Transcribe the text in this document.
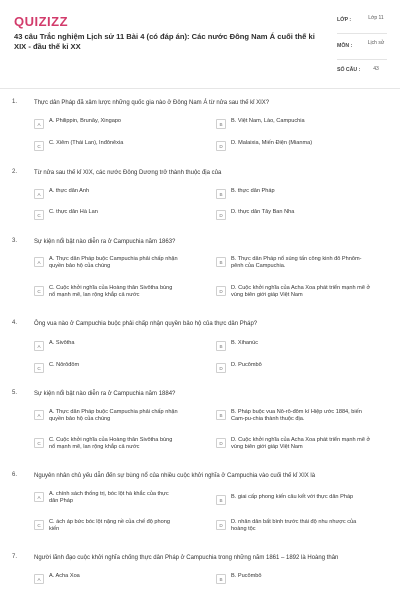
QUIZIZZ
43 câu Trắc nghiệm Lịch sử 11 Bài 4 (có đáp án): Các nước Đông Nam Á cuối thế kỉ XIX - đầu thế kỉ XX
LỚP :	Lớp 11
MÔN :	Lịch sử
SỐ CÂU :	43
1.	Thực dân Pháp đã xâm lược những quốc gia nào ở Đông Nam Á từ nửa sau thế kỉ XIX?
A	A. Philippin, Brunây, Xingapo	B	B. Việt Nam, Lào, Campuchia
C	C. Xiêm (Thái Lan), Inđônêxia	D	D. Malaixia, Miến Điện (Mianma)
2.	Từ nửa sau thế kỉ XIX, các nước Đông Dương trở thành thuộc địa của
A	A. thực dân Anh	B	B. thực dân Pháp
C	C. thực dân Hà Lan	D	D. thực dân Tây Ban Nha
3.	Sự kiện nổi bật nào diễn ra ở Campuchia năm 1863?
A	A. Thực dân Pháp buộc Campuchia phải chấp nhận quyền bảo hộ của chúng
B	B. Thực dân Pháp nổ súng tấn công kinh đô Phnôm-pênh của Campuchia.
C	C. Cuộc khởi nghĩa của Hoàng thân Sivôtha bùng nổ mạnh mẽ, lan rộng khắp cả nước
D	D. Cuộc khởi nghĩa của Acha Xoa phát triển mạnh mẽ ở vùng biên giới giáp Việt Nam
4.	Ông vua nào ở Campuchia buộc phải chấp nhận quyền bảo hộ của thực dân Pháp?
A	A. Sivôtha	B	B. Xihanúc
C	C. Nôrôđôm	D	D. Pucômbô
5.	Sự kiện nổi bật nào diễn ra ở Campuchia năm 1884?
A	A. Thực dân Pháp buộc Campuchia phải chấp nhận quyền bảo hộ của chúng
B	B. Pháp buộc vua Nô-rô-đôm kí Hiệp ước 1884, biến Cam-pu-chia thành thuộc địa.
C	C. Cuộc khởi nghĩa của Hoàng thân Sivôtha bùng nổ mạnh mẽ, lan rộng khắp cả nước
D	D. Cuộc khởi nghĩa của Acha Xoa phát triển mạnh mẽ ở vùng biên giới giáp Việt Nam
6.	Nguyên nhân chủ yếu dẫn đến sự bùng nổ của nhiều cuộc khởi nghĩa ở Campuchia vào cuối thế kỉ XIX là
A	A. chính sách thống trị, bóc lột hà khắc của thực dân Pháp	B	B. giai cấp phong kiến câu kết với thực dân Pháp
C	C. ách áp bức bóc lột nặng nề của chế độ phong kiến
D	D. nhân dân bất bình trước thái độ nhu nhược của hoàng tộc
7.	Người lãnh đạo cuộc khởi nghĩa chống thực dân Pháp ở Campuchia trong những năm 1861 – 1892 là Hoàng thân
A	A. Acha Xoa	B	B. Pucômbô
